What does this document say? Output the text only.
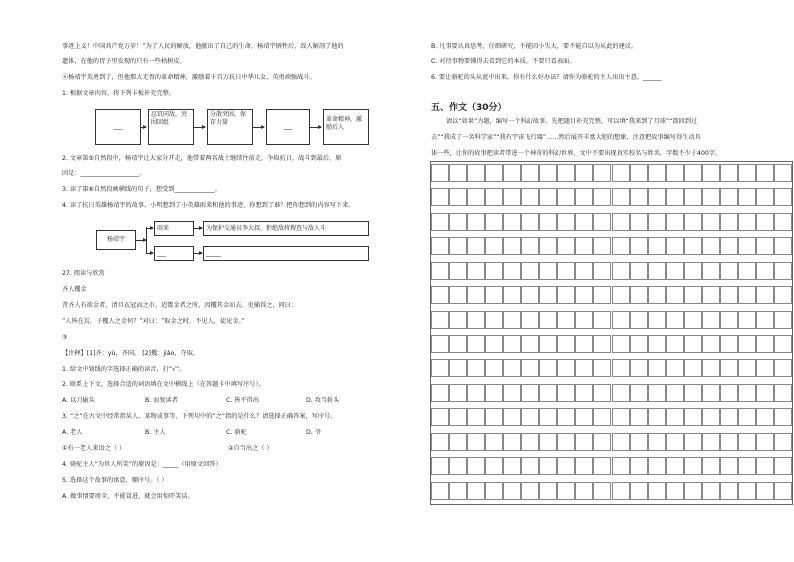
事迹上义！中国共产党万岁！”为了人民的解放，他献出了自己的生命。杨靖宇牺牲后，敌人解剖了他的
遗体，在他的胃子里发现的只有一些枯树皮。
⑥杨靖宇英勇到了，但他那大无畏的革命精神，激励着千百万抗日中华儿女，英勇顽强战斗。
1. 根据文章内容，将下列卡板补充完整。
___
忍饥同敌，突围回组
分散突围，保存力量
___
革命精神，激励后人
2. 文章第⑤自然段中，杨靖宇让大家分开走，他带着两名战士继续往前走，争取抗日，战斗到最后。原
因是：___________________。
3. 读了第⑥自然段画横线的句子，想受到_____________。
4. 读了抗日英雄杨靖宇的故事，小明想到了小英雄雨来和他的事迹，你想到了谁？把你想到的内容写下来。
杨靖宇
雨来	为保护交通员李大叔，拒绝敌将搜查与敌人斗
___	_____
27. 阅读与欣赏
齐人攫金
昔齐人有欲金者，清旦衣冠而之市。适鬻金者之所，因攫其金而去。吏捕得之，问曰：
“人皆在焉，子攫人之金何？”对曰：“取金之时，不见人，徒见金。”
③
【注释】[1]齐：yù，齐国。 [2]攫：jiǎo，夺取。
1. 给文中划线的字选择正确的读音，打“√”。
2. 联系上下文，选择合适的词语填在文中横线上（在答题卡中填写序号）。
A. 以刀偷头	B. 而复读者	C. 皆不得出	D. 攻当斩头
3. “之”在古文中经常指某人、某物或事等，下列句中的“之”指的是什么？请选择正确答案，写序号。
A. 老人	B. 主人	C. 骆驼	D. 爷
①有一老人来语之（ ）	②自当出之（ ）
4. 骆驼主人“为世人所笑”的原因是：_____（用原文回答）
5. 选择这个故事的寓意，顺序号。（ ）
A. 做事情要周全，不能冒进，就会用惊吓笑话。
B. 凡事要认真思考，仔细研究，不能因小失大，要不能自以为从此的建议。
C. 对待事物要懂得去看到它的本质，不要只看表面。
6. 要让骆驼的头从瓮中出来，你有什么好办法？请你为骆驼的主人出出主意。______
五、作文（30分）
请以“如果”为题，编写一个科幻故事。先把题目补充完整，可以填“我来到了月球”“箭回到过
去”“我成了一名科学家”“我有宇宙飞行器”……然后展开丰富大胆的想象，注意把故事编写得生动具
体一些，让你的故事把读者带进一个神奇的科幻世界。文中不要出现真实校名与姓名，字数不少于400字。
